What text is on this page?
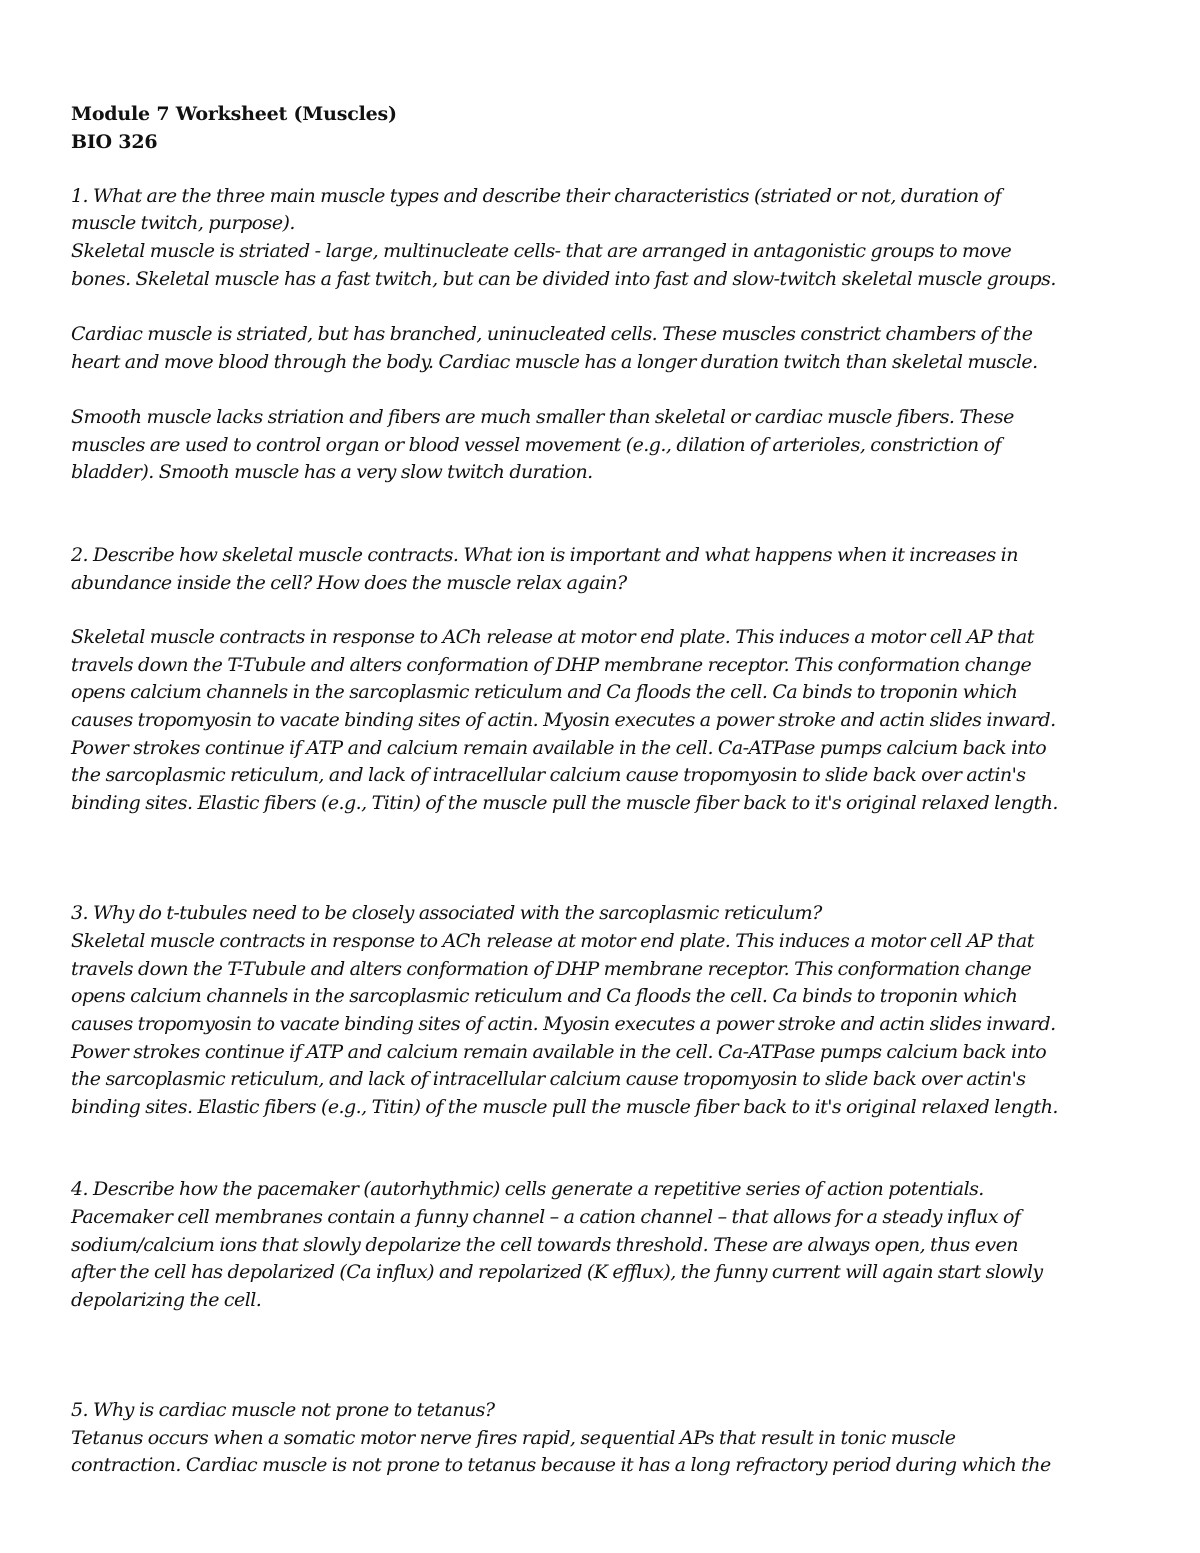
Module 7 Worksheet (Muscles)

BIO 326

1. What are the three main muscle types and describe their characteristics (striated or not, duration of

muscle twitch, purpose).

Skeletal muscle is striated - large, multinucleate cells- that are arranged in antagonistic groups to move

bones. Skeletal muscle has a fast twitch, but can be divided into fast and slow-twitch skeletal muscle groups.

Cardiac muscle is striated, but has branched, uninucleated cells. These muscles constrict chambers of the

heart and move blood through the body. Cardiac muscle has a longer duration twitch than skeletal muscle.

Smooth muscle lacks striation and fibers are much smaller than skeletal or cardiac muscle fibers. These

muscles are used to control organ or blood vessel movement (e.g., dilation of arterioles, constriction of

bladder). Smooth muscle has a very slow twitch duration.

2. Describe how skeletal muscle contracts. What ion is important and what happens when it increases in

abundance inside the cell? How does the muscle relax again?

Skeletal muscle contracts in response to ACh release at motor end plate. This induces a motor cell AP that

travels down the T-Tubule and alters conformation of DHP membrane receptor. This conformation change

opens calcium channels in the sarcoplasmic reticulum and Ca floods the cell. Ca binds to troponin which

causes tropomyosin to vacate binding sites of actin. Myosin executes a power stroke and actin slides inward.

Power strokes continue if ATP and calcium remain available in the cell. Ca-ATPase pumps calcium back into

the sarcoplasmic reticulum, and lack of intracellular calcium cause tropomyosin to slide back over actin's

binding sites. Elastic fibers (e.g., Titin) of the muscle pull the muscle fiber back to it's original relaxed length.

3. Why do t-tubules need to be closely associated with the sarcoplasmic reticulum?

Skeletal muscle contracts in response to ACh release at motor end plate. This induces a motor cell AP that

travels down the T-Tubule and alters conformation of DHP membrane receptor. This conformation change

opens calcium channels in the sarcoplasmic reticulum and Ca floods the cell. Ca binds to troponin which

causes tropomyosin to vacate binding sites of actin. Myosin executes a power stroke and actin slides inward.

Power strokes continue if ATP and calcium remain available in the cell. Ca-ATPase pumps calcium back into

the sarcoplasmic reticulum, and lack of intracellular calcium cause tropomyosin to slide back over actin's

binding sites. Elastic fibers (e.g., Titin) of the muscle pull the muscle fiber back to it's original relaxed length.

4. Describe how the pacemaker (autorhythmic) cells generate a repetitive series of action potentials.

Pacemaker cell membranes contain a funny channel – a cation channel – that allows for a steady influx of

sodium/calcium ions that slowly depolarize the cell towards threshold. These are always open, thus even

after the cell has depolarized (Ca influx) and repolarized (K efflux), the funny current will again start slowly

depolarizing the cell.

5. Why is cardiac muscle not prone to tetanus?

Tetanus occurs when a somatic motor nerve fires rapid, sequential APs that result in tonic muscle

contraction. Cardiac muscle is not prone to tetanus because it has a long refractory period during which the
